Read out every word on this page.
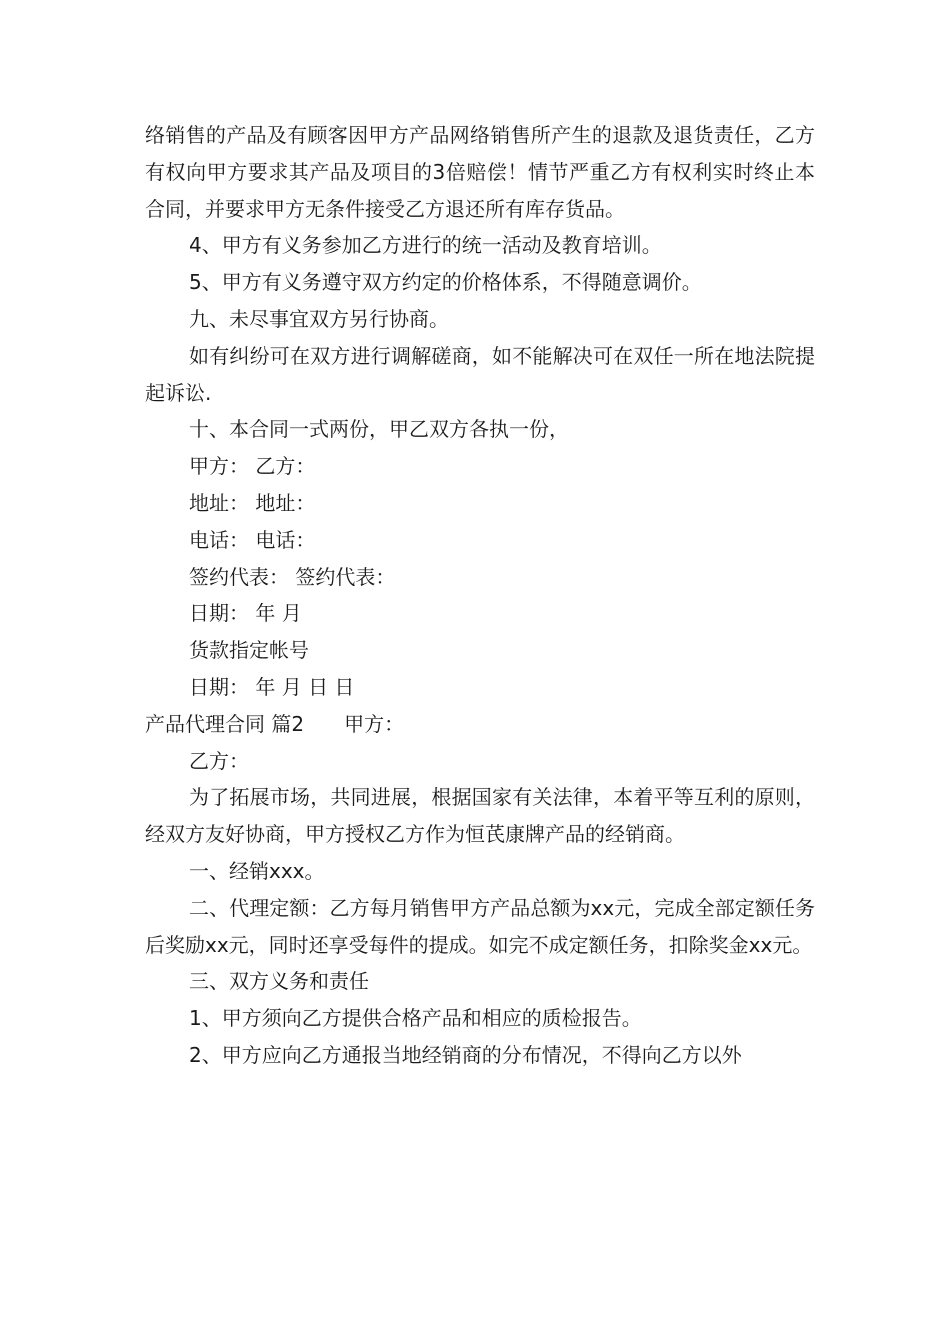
络销售的产品及有顾客因甲方产品网络销售所产生的退款及退货责任，乙方有权向甲方要求其产品及项目的3倍赔偿！情节严重乙方有权利实时终止本合同，并要求甲方无条件接受乙方退还所有库存货品。

4、甲方有义务参加乙方进行的统一活动及教育培训。

5、甲方有义务遵守双方约定的价格体系，不得随意调价。

九、未尽事宜双方另行协商。

如有纠纷可在双方进行调解磋商，如不能解决可在双任一所在地法院提起诉讼.

十、本合同一式两份，甲乙双方各执一份，

甲方： 乙方：

地址： 地址：

电话： 电话：

签约代表： 签约代表：

日期： 年 月

货款指定帐号

日期： 年 月 日 日

产品代理合同 篇2 甲方：

乙方：

为了拓展市场，共同进展，根据国家有关法律，本着平等互利的原则，经双方友好协商，甲方授权乙方作为恒芪康牌产品的经销商。

一、经销xxx。

二、代理定额：乙方每月销售甲方产品总额为xx元，完成全部定额任务后奖励xx元，同时还享受每件的提成。如完不成定额任务，扣除奖金xx元。

三、双方义务和责任

1、甲方须向乙方提供合格产品和相应的质检报告。

2、甲方应向乙方通报当地经销商的分布情况，不得向乙方以外
